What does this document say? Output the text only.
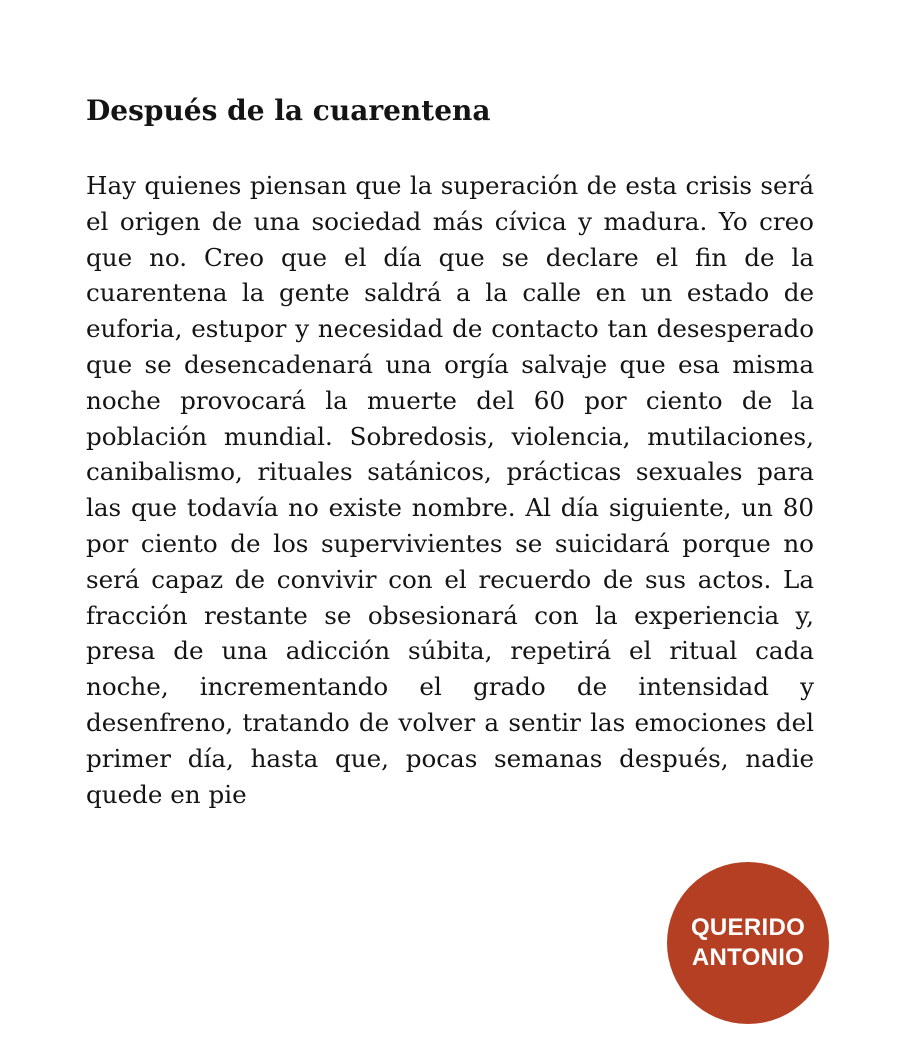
Después de la cuarentena

Hay quienes piensan que la superación de esta crisis será el origen de una sociedad más cívica y madura. Yo creo que no. Creo que el día que se declare el fin de la cuarentena la gente saldrá a la calle en un estado de euforia, estupor y necesidad de contacto tan desesperado que se desencadenará una orgía salvaje que esa misma noche provocará la muerte del 60 por ciento de la población mundial. Sobredosis, violencia, mutilaciones, canibalismo, rituales satánicos, prácticas sexuales para las que todavía no existe nombre. Al día siguiente, un 80 por ciento de los supervivientes se suicidará porque no será capaz de convivir con el recuerdo de sus actos. La fracción restante se obsesionará con la experiencia y, presa de una adicción súbita, repetirá el ritual cada noche, incrementando el grado de intensidad y desenfreno, tratando de volver a sentir las emociones del primer día, hasta que, pocas semanas después, nadie quede en pie

QUERIDO
ANTONIO
